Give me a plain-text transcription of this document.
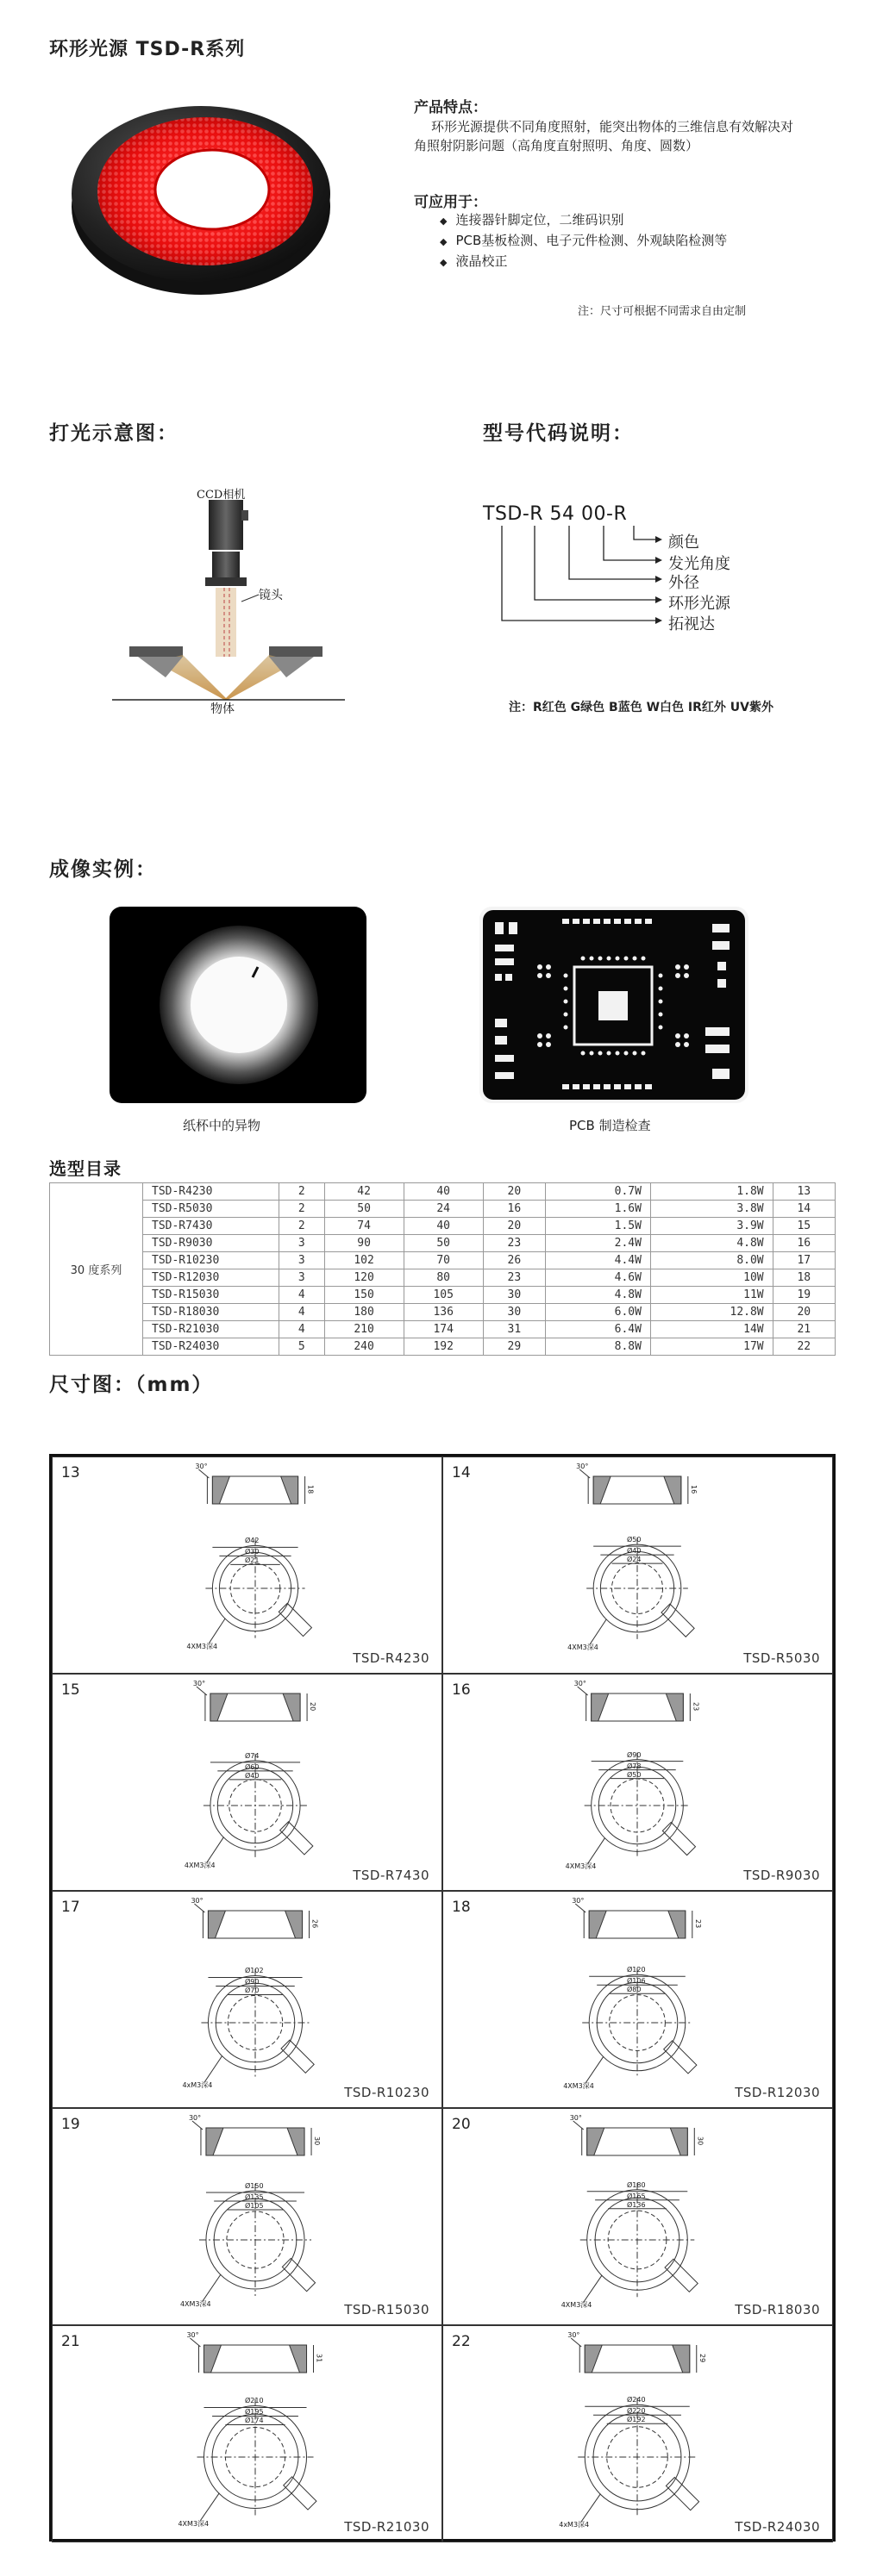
环形光源 TSD-R系列
产品特点：
环形光源提供不同角度照射，能突出物体的三维信息有效解决对
角照射阴影问题（高角度直射照明、角度、圆数）
可应用于：
◆ 连接器针脚定位，二维码识别
◆ PCB基板检测、电子元件检测、外观缺陷检测等
◆ 液晶校正
注：尺寸可根据不同需求自由定制
打光示意图：
CCD相机
镜头
物体
型号代码说明：
TSD-R 54 00-R
颜色
发光角度
外径
环形光源
拓视达
注：R红色 G绿色 B蓝色 W白色 IR红外 UV紫外
成像实例：
纸杯中的异物	PCB 制造检查
选型目录
30 度系列	TSD-R4230	2	42	40	20	0.7W	1.8W	13
	TSD-R5030	2	50	24	16	1.6W	3.8W	14
	TSD-R7430	2	74	40	20	1.5W	3.9W	15
	TSD-R9030	3	90	50	23	2.4W	4.8W	16
	TSD-R10230	3	102	70	26	4.4W	8.0W	17
	TSD-R12030	3	120	80	23	4.6W	10W	18
	TSD-R15030	4	150	105	30	4.8W	11W	19
	TSD-R18030	4	180	136	30	6.0W	12.8W	20
	TSD-R21030	4	210	174	31	6.4W	14W	21
	TSD-R24030	5	240	192	29	8.8W	17W	22
尺寸图：（mm）
13
TSD-R4230
30°
18
Ø42
Ø30
Ø21
4XM3深4
14
TSD-R5030
30°
16
Ø50
Ø40
Ø24
4XM3深4
15
TSD-R7430
30°
20
Ø74
Ø60
Ø40
4XM3深4
16
TSD-R9030
30°
23
Ø90
Ø78
Ø50
4XM3深4
17
TSD-R10230
30°
26
Ø102
Ø90
Ø70
4xM3深4
18
TSD-R12030
30°
23
Ø120
Ø106
Ø80
4XM3深4
19
TSD-R15030
30°
30
Ø150
Ø135
Ø105
4XM3深4
20
TSD-R18030
30°
30
Ø180
Ø165
Ø136
4XM3深4
21
TSD-R21030
30°
31
Ø210
Ø195
Ø174
4XM3深4
22
TSD-R24030
30°
29
Ø240
Ø220
Ø192
4xM3深4
